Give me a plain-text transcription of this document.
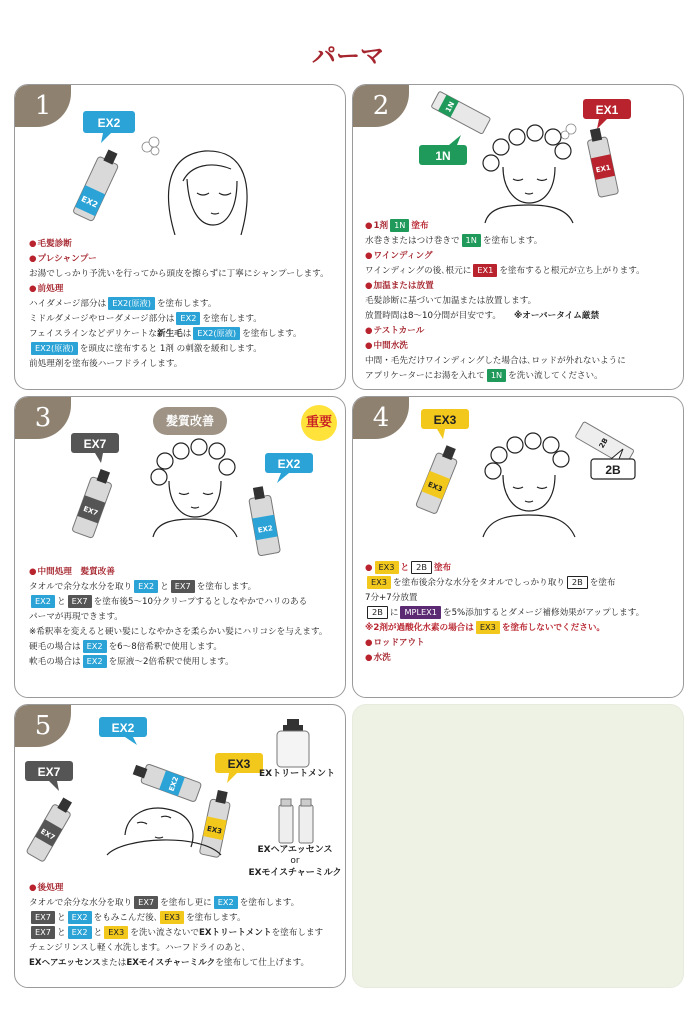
パーマ
1
EX2
EX2
● 毛髪診断
● プレシャンプー
お湯でしっかり予洗いを行ってから頭皮を擦らずに丁寧にシャンプーします。
● 前処理
ハイダメージ部分は EX2(原液) を塗布します。
ミドルダメージやローダメージ部分は EX2 を塗布します。
フェイスラインなどデリケートな新生毛は EX2(原液) を塗布します。
EX2(原液) を頭皮に塗布すると 1剤 の刺激を緩和します。
前処理剤を塗布後ハーフドライします。
2	1N
1N
EX1
EX1
● 1剤 1N 塗布
水巻きまたはつけ巻きで 1N を塗布します。
● ワインディング
ワインディングの後､根元に EX1 を塗布すると根元が立ち上がります。
● 加温または放置
毛髪診断に基づいて加温または放置します。
放置時間は8～10分間が目安です。　　 ※オーバータイム厳禁
● テストカール
● 中間水洗
中間・毛先だけワインディングした場合は､ロッドが外れないように
アプリケーターにお湯を入れて 1N を洗い流してください。
3
EX7
EX7
EX2
EX2
髪質改善	重要
● 中間処理　髪質改善
タオルで余分な水分を取り EX2 と EX7 を塗布します。
EX2 と EX7 を塗布後5～10分クリープするとしなやかでハリのある
パーマが再現できます。
※希釈率を変えると硬い髪にしなやかさを柔らかい髪にハリコシを与えます。
硬毛の場合は EX2 を6～8倍希釈で使用します。
軟毛の場合は EX2 を原液～2倍希釈で使用します。
4	EX3
EX3
2B
2B
● EX3 と 2B 塗布
EX3 を塗布後余分な水分をタオルでしっかり取り 2B を塗布
7分+7分放置
2B に MPLEX1 を5%添加するとダメージ補修効果がアップします。
※2剤が過酸化水素の場合は EX3 を塗布しないでください。
● ロッドアウト
● 水洗
5	EX2
EX2
EX7
EX7
EX3
EX3
EXトリートメント
EXヘアエッセンス
or
EXモイスチャーミルク
● 後処理
タオルで余分な水分を取り EX7 を塗布し更に EX2 を塗布します。
EX7 と EX2 をもみこんだ後､ EX3 を塗布します。
EX7 と EX2 と EX3 を洗い流さないでEXトリートメントを塗布します
チェンジリンスし軽く水洗します。ハーフドライのあと､
EXヘアエッセンスまたはEXモイスチャーミルクを塗布して仕上げます。
